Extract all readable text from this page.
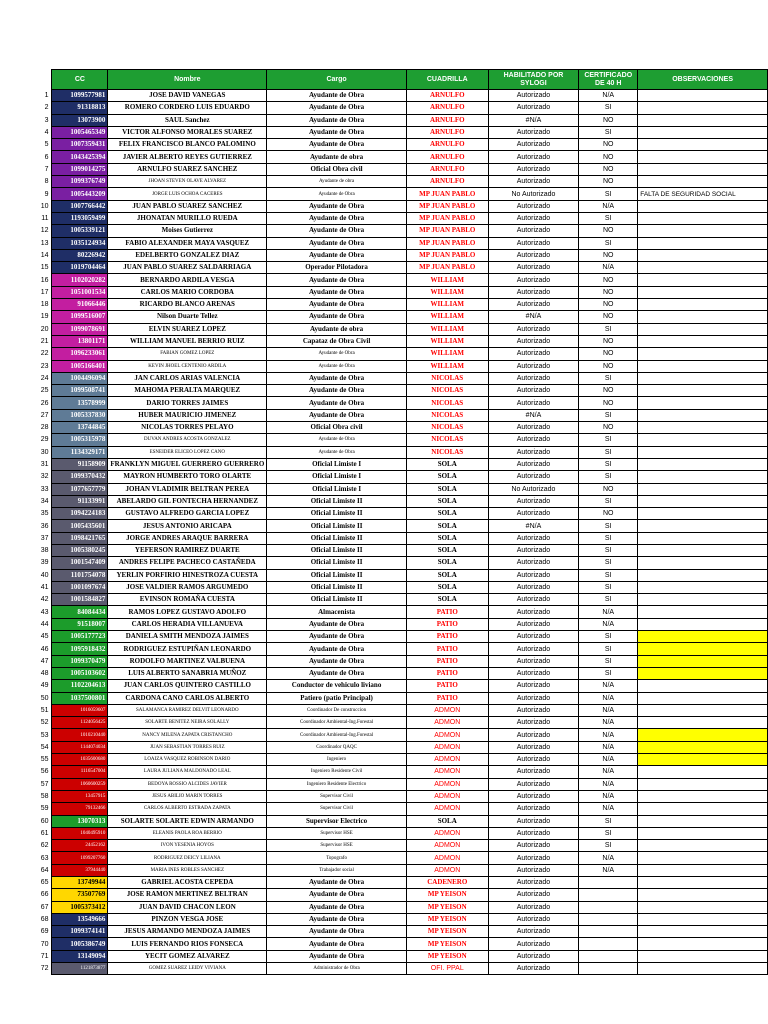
	CC	Nombre	Cargo	CUADRILLA	HABILITADO POR SYLOGI	CERTIFICADO DE 40 H	OBSERVACIONES
1	1099577981	JOSE DAVID VANEGAS	Ayudante de Obra	ARNULFO	Autorizado	N/A	
2	91318813	ROMERO CORDERO LUIS EDUARDO	Ayudante de Obra	ARNULFO	Autorizado	SI	
3	13073900	SAUL Sanchez	Ayudante de Obra	ARNULFO	#N/A	NO	
4	1005465349	VICTOR ALFONSO MORALES SUAREZ	Ayudante de Obra	ARNULFO	Autorizado	SI	
5	1007359431	FELIX FRANCISCO BLANCO PALOMINO	Ayudante de Obra	ARNULFO	Autorizado	NO	
6	1043425394	JAVIER ALBERTO REYES GUTIERREZ	Ayudante de obra	ARNULFO	Autorizado	NO	
7	1099014275	ARNULFO SUAREZ SANCHEZ	Oficial Obra civil	ARNULFO	Autorizado	NO	
8	1099376749	JHOAN STEVEN OLAVE ALVAREZ	Ayudante de obra	ARNULFO	Autorizado	NO	
9	1005443209	JORGE LUIS OCHOA CACERES	Ayudante de Obra	MP JUAN PABLO	No Autorizado	SI	FALTA DE SEGURIDAD SOCIAL
10	1007766442	JUAN PABLO SUAREZ SANCHEZ	Ayudante de Obra	MP JUAN PABLO	Autorizado	N/A	
11	1193059499	JHONATAN MURILLO RUEDA	Ayudante de Obra	MP JUAN PABLO	Autorizado	SI	
12	1005339121	Moises Gutierrez	Ayudante de Obra	MP JUAN PABLO	Autorizado	NO	
13	1035124934	FABIO ALEXANDER MAYA VASQUEZ	Ayudante de Obra	MP JUAN PABLO	Autorizado	SI	
14	80226942	EDELBERTO GONZALEZ DIAZ	Ayudante de Obra	MP JUAN PABLO	Autorizado	NO	
15	1019704464	JUAN PABLO SUAREZ SALDARRIAGA	Operador Pilotadora	MP JUAN PABLO	Autorizado	N/A	
16	1102020282	BERNARDO ARDILA VESGA	Ayudante de Obra	WILLIAM	Autorizado	NO	
17	1051001534	CARLOS MARIO CORDOBA	Ayudante de Obra	WILLIAM	Autorizado	NO	
18	91066446	RICARDO BLANCO ARENAS	Ayudante de Obra	WILLIAM	Autorizado	NO	
19	1099516007	Nilson Duarte Tellez	Ayudante de Obra	WILLIAM	#N/A	NO	
20	1099078691	ELVIN SUAREZ LOPEZ	Ayudante de obra	WILLIAM	Autorizado	SI	
21	13801171	WILLIAM MANUEL BERRIO RUIZ	Capataz de Obra Civil	WILLIAM	Autorizado	NO	
22	1096233061	FABIAN GOMEZ LOPEZ	Ayudante de Obra	WILLIAM	Autorizado	NO	
23	1005166401	KEVIN JHOEL CENTENIO ARDILA	Ayudante de Obra	WILLIAM	Autorizado	NO	
24	1004496094	JAN CARLOS ARIAS VALENCIA	Ayudante de Obra	NICOLAS	Autorizado	SI	
25	1099508741	MAHOMA PERALTA MARQUEZ	Ayudante de Obra	NICOLAS	Autorizado	NO	
26	13578999	DARIO TORRES JAIMES	Ayudante de Obra	NICOLAS	Autorizado	NO	
27	1005337830	HUBER MAURICIO JIMENEZ	Ayudante de Obra	NICOLAS	#N/A	SI	
28	13744845	NICOLAS TORRES PELAYO	Oficial Obra civil	NICOLAS	Autorizado	NO	
29	1005315978	DUVAN ANDRES ACOSTA GONZALEZ	Ayudante de Obra	NICOLAS	Autorizado	SI	
30	1134329171	ESNEIDER ELICEO LOPEZ CANO	Ayudante de Obra	NICOLAS	Autorizado	SI	
31	91158909	FRANKLYN MIGUEL GUERRERO GUERRERO	Oficial Limiste I	SOLA	Autorizado	SI	
32	1099370432	MAYRON HUMBERTO TORO OLARTE	Oficial Limiste I	SOLA	Autorizado	SI	
33	1077657779	JOHAN VLADIMIR BELTRAN PEREA	Oficial Limiste I	SOLA	No Autorizado	NO	
34	91133991	ABELARDO GIL FONTECHA HERNANDEZ	Oficial Limiste II	SOLA	Autorizado	SI	
35	1094224183	GUSTAVO ALFREDO GARCIA LOPEZ	Oficial Limiste II	SOLA	Autorizado	NO	
36	1005435601	JESUS ANTONIO ARICAPA	Oficial Limiste II	SOLA	#N/A	SI	
37	1098421765	JORGE ANDRES ARAQUE BARRERA	Oficial Limiste II	SOLA	Autorizado	SI	
38	1005380245	YEFERSON RAMIREZ DUARTE	Oficial Limiste II	SOLA	Autorizado	SI	
39	1001547409	ANDRES FELIPE PACHECO CASTAÑEDA	Oficial Limiste II	SOLA	Autorizado	SI	
40	1101754078	YERLIN PORFIRIO HINESTROZA CUESTA	Oficial Limiste II	SOLA	Autorizado	SI	
41	1001097674	JOSE VALDIER RAMOS ARGUMEDO	Oficial Limiste II	SOLA	Autorizado	SI	
42	1001584827	EVINSON ROMAÑA CUESTA	Oficial Limiste II	SOLA	Autorizado	SI	
43	84084434	RAMOS LOPEZ GUSTAVO ADOLFO	Almacenista	PATIO	Autorizado	N/A	
44	91518007	CARLOS HERADIA VILLANUEVA	Ayudante de Obra	PATIO	Autorizado	N/A	
45	1005177723	DANIELA SMITH MENDOZA JAIMES	Ayudante de Obra	PATIO	Autorizado	SI	
46	1095918432	RODRIGUEZ ESTUPIÑAN LEONARDO	Ayudante de Obra	PATIO	Autorizado	SI	
47	1099370479	RODOLFO MARTINEZ VALBUENA	Ayudante de Obra	PATIO	Autorizado	SI	
48	1005103602	LUIS ALBERTO SANABRIA MUÑOZ	Ayudante de Obra	PATIO	Autorizado	SI	
49	1102204613	JUAN CARLOS QUINTERO CASTILLO	Conductor de vehiculo liviano	PATIO	Autorizado	N/A	
50	1037500801	CARDONA CANO CARLOS ALBERTO	Patiero (patio Principal)	PATIO	Autorizado	N/A	
51	1016059607	SALAMANCA RAMIREZ DELVIT LEONARDO	Coordinador De construccion	ADMON	Autorizado	N/A	
52	1124056425	SOLARTE BENITEZ NEIRA SOLALLY	Coordinador Ambiental-Ing.Forestal	ADMON	Autorizado	N/A	
53	1010210440	NANCY MILENA ZAPATA CRISTANCHO	Coordinador Ambiental-Ing.Forestal	ADMON	Autorizado	N/A	
54	1144074034	JUAN SEBASTIAN TORRES RUIZ	Coordinador QAQC	ADMON	Autorizado	N/A	
55	1035600680	LOAIZA VASQUEZ ROBINSON DARIO	Ingeniero	ADMON	Autorizado	N/A	
56	1116547004	LAURA JULIANA MALDONADO LEAL	Ingeniero Residente Civil	ADMON	Autorizado	N/A	
57	1060600259	BEDOYA ROSSIO ALCIDES JAVIER	Ingeniero Residente Electrico	ADMON	Autorizado	N/A	
58	13457915	JESUS ABILIO MARIN TORRES	Supervisor Civil	ADMON	Autorizado	N/A	
59	79132466	CARLOS ALBERTO ESTRADA ZAPATA	Supervisor Civil	ADMON	Autorizado	N/A	
60	13070313	SOLARTE SOLARTE EDWIN ARMANDO	Supervisor Electrico	SOLA	Autorizado	SI	
61	1040495910	ELEANIS PAOLA ROA BERRIO	Supervisor HSE	ADMON	Autorizado	SI	
62	24452162	IVON YESENIA HOYOS	Supervisor HSE	ADMON	Autorizado	SI	
63	1099207760	RODRIGUEZ DEICY LILIANA	Topografo	ADMON	Autorizado	N/A	
64	37944440	MARIA INES ROBLES SANCHEZ	Trabajador social	ADMON	Autorizado	N/A	
65	13749944	GABRIEL ACOSTA CEPEDA	Ayudante de Obra	CADENERO	Autorizado		
66	73507769	JOSE RAMON MERTINEZ BELTRAN	Ayudante de Obra	MP YEISON	Autorizado		
67	1005373412	JUAN DAVID CHACON LEON	Ayudante de Obra	MP YEISON	Autorizado		
68	13549666	PINZON VESGA JOSE	Ayudante de Obra	MP YEISON	Autorizado		
69	1099374141	JESUS ARMANDO MENDOZA JAIMES	Ayudante de Obra	MP YEISON	Autorizado		
70	1005386749	LUIS FERNANDO RIOS FONSECA	Ayudante de Obra	MP YEISON	Autorizado		
71	13149094	YECIT GOMEZ ALVAREZ	Ayudante de Obra	MP YEISON	Autorizado		
72	1121873877	GOMEZ SUAREZ LEIDY VIVIANA	Administrador de Obra	OFI. PPAL	Autorizado		
